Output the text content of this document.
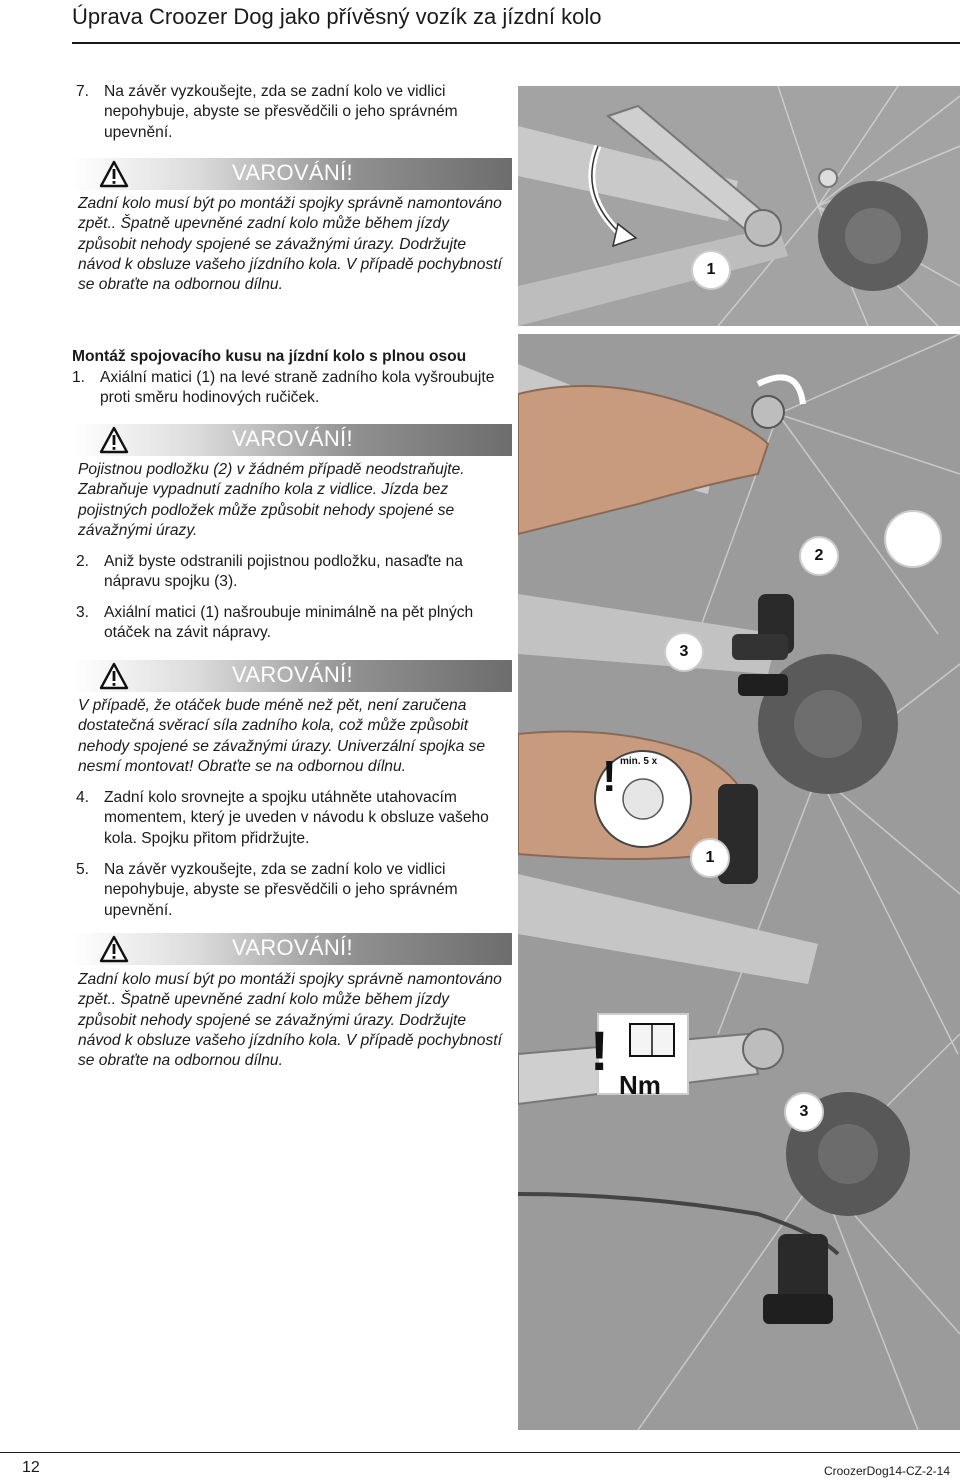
Úprava Croozer Dog jako přívěsný vozík za jízdní kolo
7. Na závěr vyzkoušejte, zda se zadní kolo ve vidlici nepohybuje, abyste se přesvědčili o jeho správném upevnění.
VAROVÁNÍ!
Zadní kolo musí být po montáži spojky správně namontováno zpět.. Špatně upevněné zadní kolo může během jízdy způsobit nehody spojené se závažnými úrazy. Dodržujte návod k obsluze vašeho jízdního kola. V případě pochybností se obraťte na odbornou dílnu.
Montáž spojovacího kusu na jízdní kolo s plnou osou
1. Axiální matici (1) na levé straně zadního kola vyšroubujte proti směru hodinových ručiček.
VAROVÁNÍ!
Pojistnou podložku (2) v žádném případě neodstraňujte. Zabraňuje vypadnutí zadního kola z vidlice. Jízda bez pojistných podložek může způsobit nehody spojené se závažnými úrazy.
2. Aniž byste odstranili pojistnou podložku, nasaďte na nápravu spojku (3).
3. Axiální matici (1) našroubuje minimálně na pět plných otáček na závit nápravy.
VAROVÁNÍ!
V případě, že otáček bude méně než pět, není zaručena dostatečná svěrací síla zadního kola, což může způsobit nehody spojené se závažnými úrazy. Univerzální spojka se nesmí montovat! Obraťte se na odbornou dílnu.
4. Zadní kolo srovnejte a spojku utáhněte utahovacím momentem, který je uveden v návodu k obsluze vašeho kola. Spojku přitom přidržujte.
5. Na závěr vyzkoušejte, zda se zadní kolo ve vidlici nepohybuje, abyste se přesvědčili o jeho správném upevnění.
VAROVÁNÍ!
Zadní kolo musí být po montáži spojky správně namontováno zpět.. Špatně upevněné zadní kolo může během jízdy způsobit nehody spojené se závažnými úrazy. Dodržujte návod k obsluze vašeho jízdního kola. V případě pochybností se obraťte na odbornou dílnu.
1
2
3
1
3
min. 5 x
!
!
Nm
12	CroozerDog14-CZ-2-14
